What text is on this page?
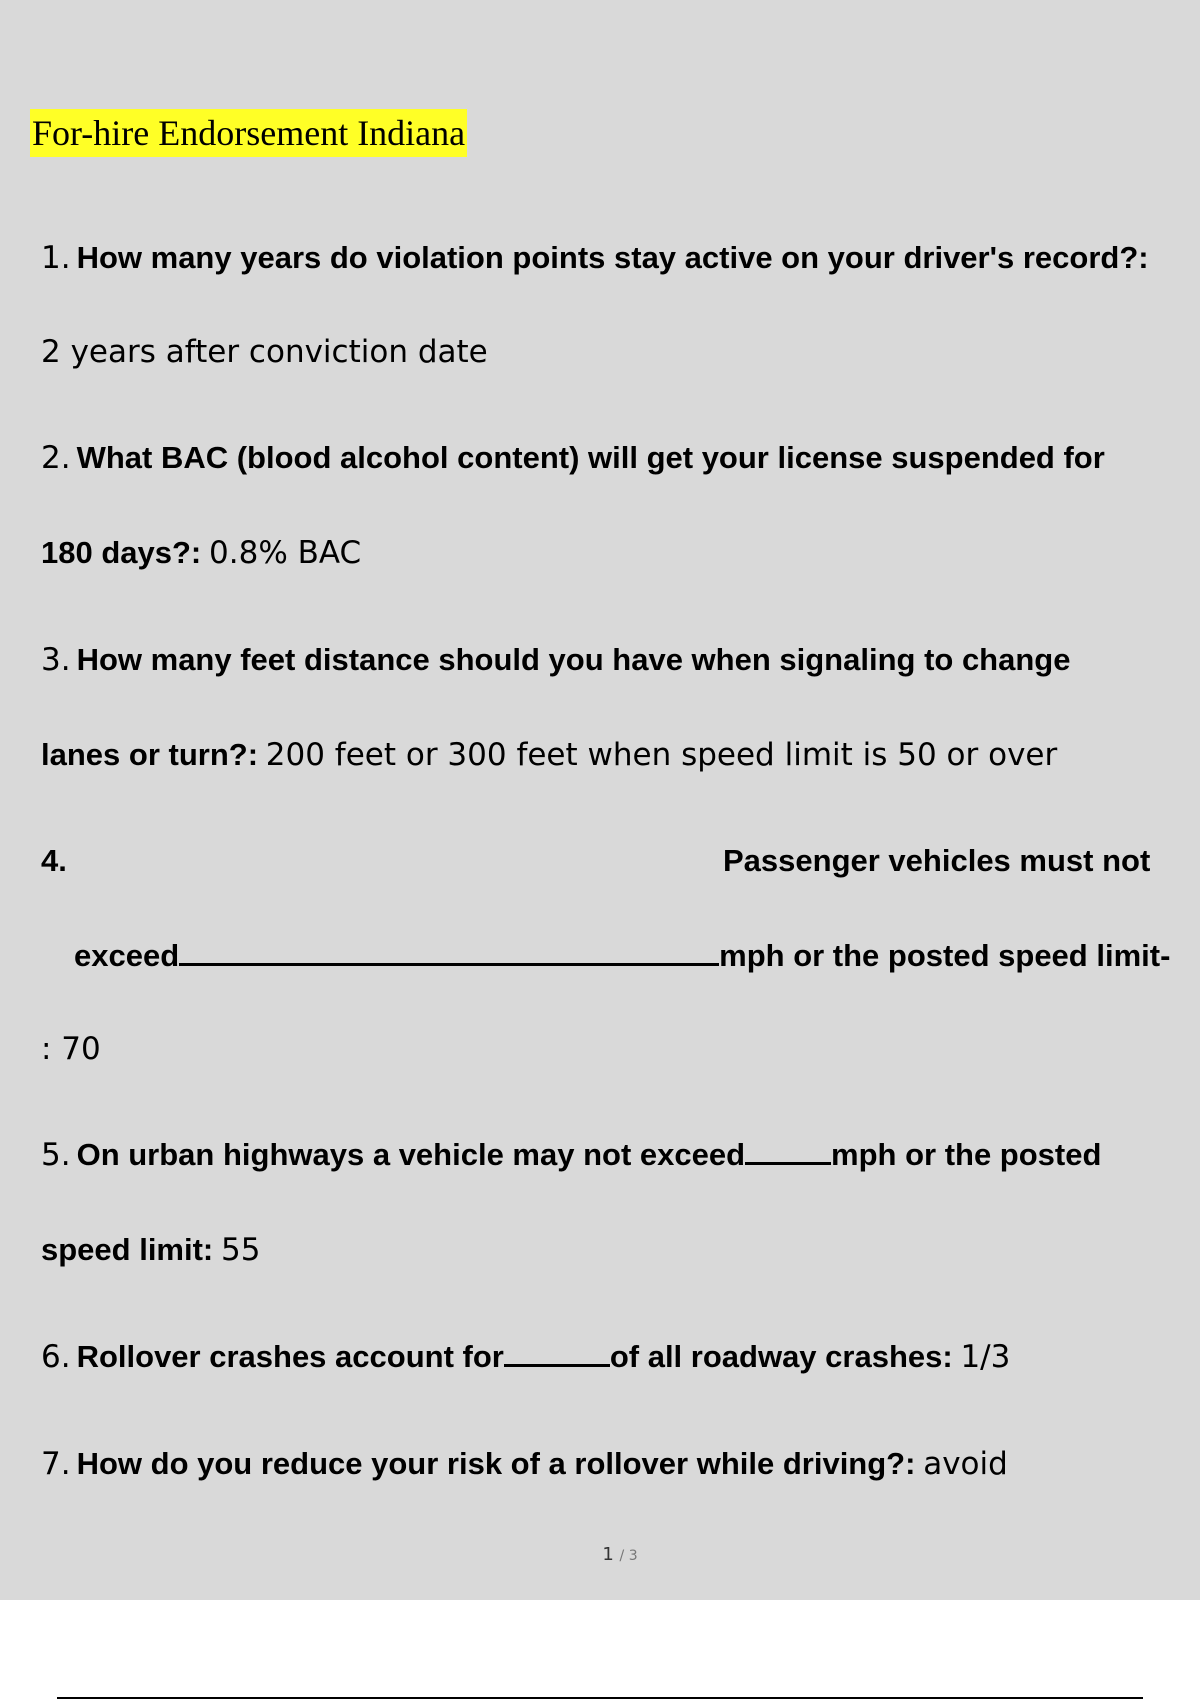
For-hire Endorsement Indiana
1. How many years do violation points stay active on your driver's record?:
2 years after conviction date
2. What BAC (blood alcohol content) will get your license suspended for
180 days?: 0.8% BAC
3. How many feet distance should you have when signaling to change
lanes or turn?: 200 feet or 300 feet when speed limit is 50 or over
4.	Passenger vehicles must not
exceed	mph or the posted speed limit-
: 70
5. On urban highways a vehicle may not exceed	mph or the posted
speed limit: 55
6. Rollover crashes account for	of all roadway crashes: 1/3
7. How do you reduce your risk of a rollover while driving?: avoid
1 / 3
